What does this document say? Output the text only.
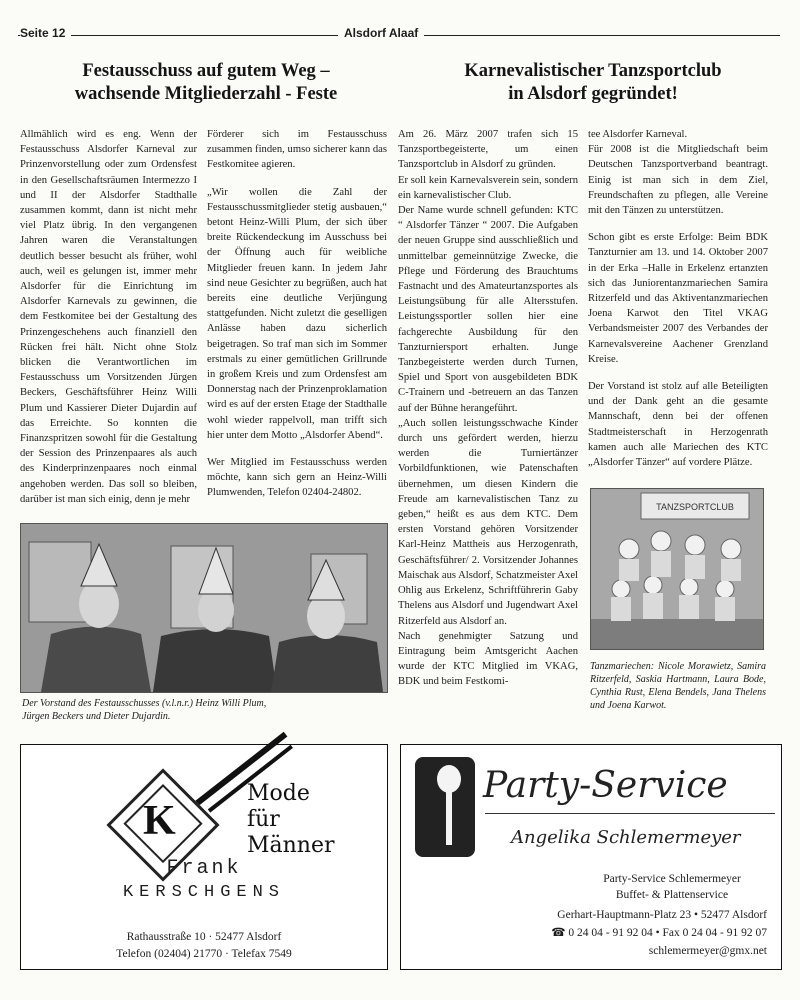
Seite 12	Alsdorf Alaaf
Festausschuss auf gutem Weg –
wachsende Mitgliederzahl - Feste
Karnevalistischer Tanzsportclub
in Alsdorf gegründet!

Allmählich wird es eng. Wenn der Festausschuss Alsdorfer Karneval zur Prinzenvorstellung oder zum Ordensfest in den Gesellschaftsräumen Intermezzo I und II der Alsdorfer Stadthalle zusammen kommt, dann ist nicht mehr viel Platz übrig. In den vergangenen Jahren waren die Veranstaltungen deutlich besser besucht als früher, wohl auch, weil es gelungen ist, immer mehr Alsdorfer für die Einrichtung im Alsdorfer Karnevals zu gewinnen, die dem Festkomitee bei der Gestaltung des Prinzengeschehens auch finanziell den Rücken frei hält. Nicht ohne Stolz blicken die Verantwortlichen im Festausschuss um Vorsitzenden Jürgen Beckers, Geschäftsführer Heinz Willi Plum und Kassierer Dieter Dujardin auf das Erreichte. So konnten die Finanzspritzen sowohl für die Gestaltung der Session des Prinzenpaares als auch des Kinderprinzenpaares noch einmal angehoben werden. Das soll so bleiben, darüber ist man sich einig, denn je mehr

Förderer sich im Festausschuss zusammen finden, umso sicherer kann das Festkomitee agieren.

„Wir wollen die Zahl der Festausschussmitglieder stetig ausbauen,“ betont Heinz-Willi Plum, der sich über breite Rückendeckung im Ausschuss bei der Öffnung auch für weibliche Mitglieder freuen kann. In jedem Jahr sind neue Gesichter zu begrüßen, auch hat bereits eine deutliche Verjüngung stattgefunden. Nicht zuletzt die geselligen Anlässe haben dazu sicherlich beigetragen. So traf man sich im Sommer erstmals zu einer gemütlichen Grillrunde in großem Kreis und zum Ordensfest am Donnerstag nach der Prinzenproklamation wird es auf der ersten Etage der Stadthalle wohl wieder rappelvoll, man trifft sich hier unter dem Motto „Alsdorfer Abend“.

Wer Mitglied im Festausschuss werden möchte, kann sich gern an Heinz-Willi Plumwenden, Telefon 02404-24802.

Der Vorstand des Festausschusses (v.l.n.r.) Heinz Willi Plum,
Jürgen Beckers und Dieter Dujardin.

Am 26. März 2007 trafen sich 15 Tanzsportbegeisterte, um einen Tanzsportclub in Alsdorf zu gründen.

Er soll kein Karnevalsverein sein, sondern ein karnevalistischer Club.

Der Name wurde schnell gefunden: KTC “ Alsdorfer Tänzer “ 2007. Die Aufgaben der neuen Gruppe sind ausschließlich und unmittelbar gemeinnützige Zwecke, die Pflege und Förderung des Brauchtums Fastnacht und des Amateurtanzsportes als Leistungsübung für alle Altersstufen. Leistungssportler sollen hier eine fachgerechte Ausbildung für den Tanzturniersport erhalten. Junge Tanzbegeisterte werden durch Turnen, Spiel und Sport von ausgebildeten BDK C-Trainern und -betreuern an das Tanzen auf der Bühne herangeführt.

„Auch sollen leistungsschwache Kinder durch uns gefördert werden, hierzu werden die Turniertänzer Vorbildfunktionen, wie Patenschaften übernehmen, um diesen Kindern die Freude am karnevalistischen Tanz zu geben,“ heißt es aus dem KTC. Dem ersten Vorstand gehören Vorsitzender Karl-Heinz Mattheis aus Herzogenrath, Geschäftsführer/ 2. Vorsitzender Johannes Maischak aus Alsdorf, Schatzmeister Axel Ohlig aus Erkelenz, Schriftführerin Gaby Thelens aus Alsdorf und Jugendwart Axel Ritzerfeld aus Alsdorf an.

Nach genehmigter Satzung und Eintragung beim Amtsgericht Aachen wurde der KTC Mitglied im VKAG, BDK und beim Festkomi-

tee Alsdorfer Karneval.

Für 2008 ist die Mitgliedschaft beim Deutschen Tanzsportverband beantragt. Einig ist man sich in dem Ziel, Freundschaften zu pflegen, alle Vereine mit den Tänzen zu unterstützen.

Schon gibt es erste Erfolge: Beim BDK Tanzturnier am 13. und 14. Oktober 2007 in der Erka –Halle in Erkelenz ertanzten sich das Juniorentanzmariechen Samira Ritzerfeld und das Aktiventanzmariechen Joena Karwot den Titel VKAG Verbandsmeister 2007 des Verbandes der Karnevalsvereine Aachener Grenzland Kreise.

Der Vorstand ist stolz auf alle Beteiligten und der Dank geht an die gesamte Mannschaft, denn bei der offenen Stadtmeisterschaft in Herzogenrath kamen auch alle Mariechen des KTC „Alsdorfer Tänzer“ auf vordere Plätze.

TANZSPORTCLUB
Tanzmariechen: Nicole Morawietz, Samira Ritzerfeld, Saskia Hartmann, Laura Bode, Cynthia Rust, Elena Bendels, Jana Thelens und Joena Karwot.
K
Mode
für
Männer
Frank
KERSCHGENS
Rathausstraße 10 · 52477 Alsdorf
Telefon (02404) 21770 · Telefax 7549
Party-Service
Angelika Schlemermeyer
Party-Service Schlemermeyer
Buffet- & Plattenservice
Gerhart-Hauptmann-Platz 23 • 52477 Alsdorf
☎ 0 24 04 - 91 92 04 • Fax 0 24 04 - 91 92 07
schlemermeyer@gmx.net
